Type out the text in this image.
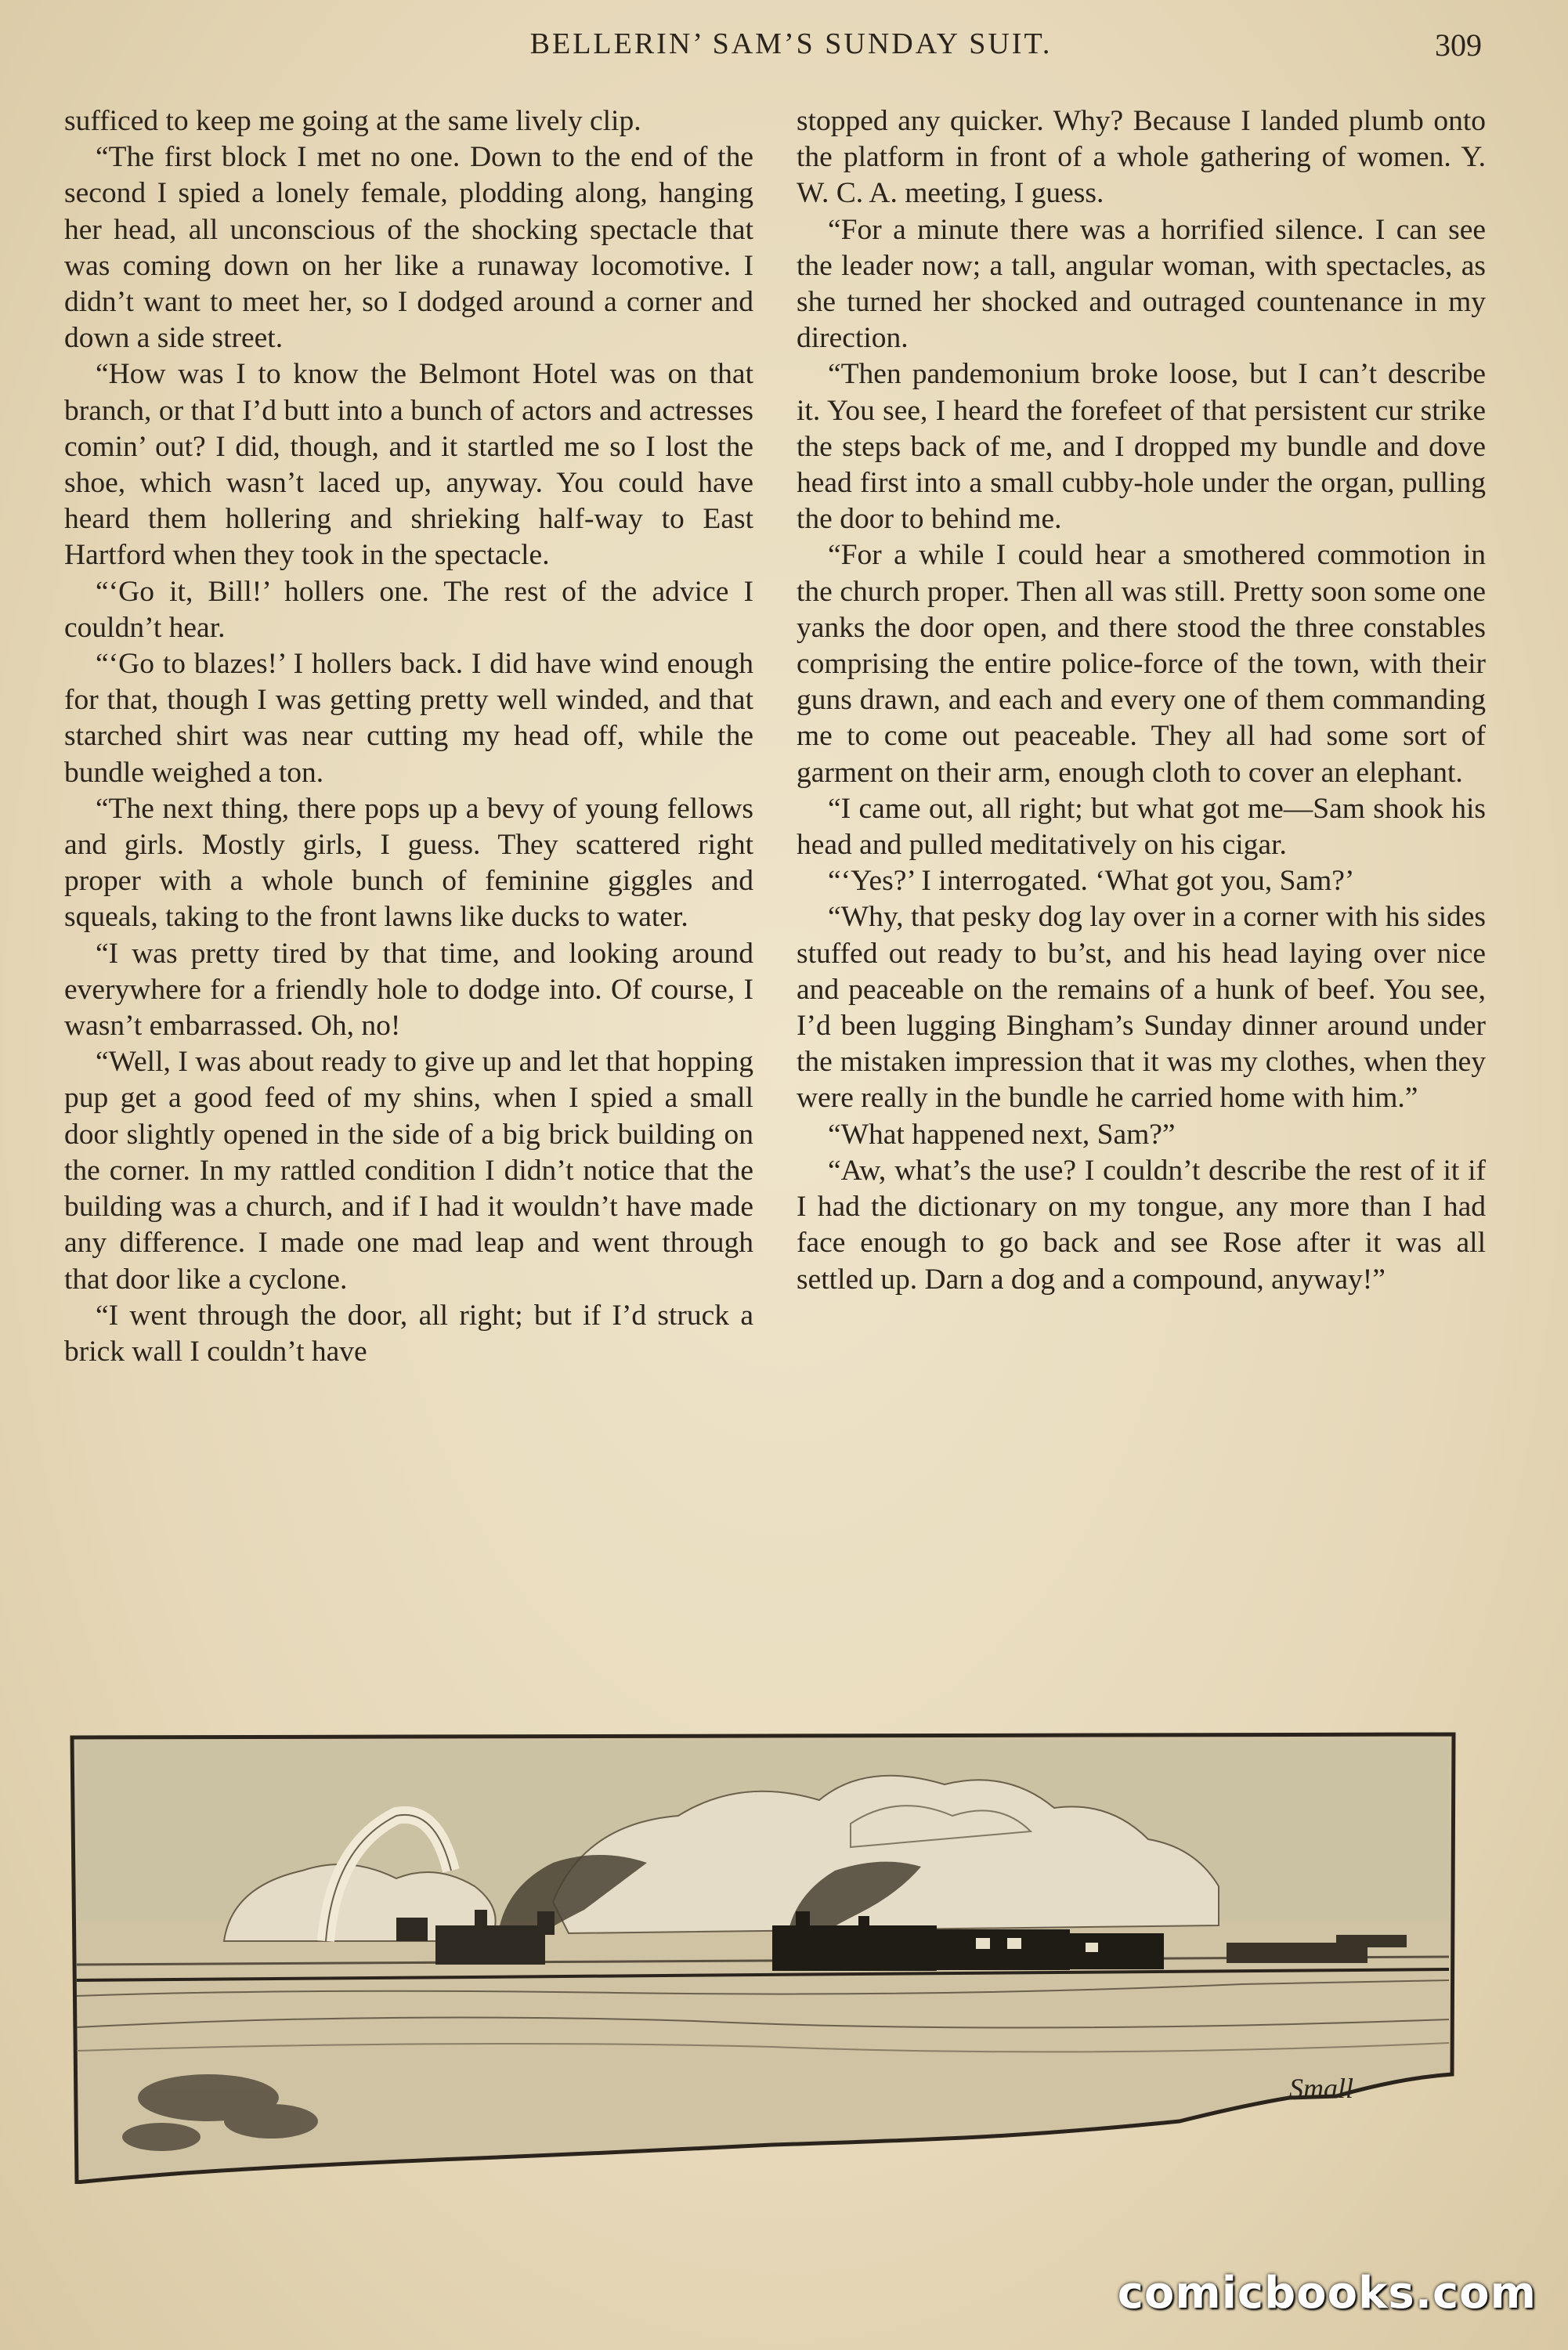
BELLERIN’ SAM’S SUNDAY SUIT.	309

sufficed to keep me going at the same lively clip.

“The first block I met no one. Down to the end of the second I spied a lonely female, plodding along, hanging her head, all unconscious of the shocking spectacle that was coming down on her like a runaway locomotive. I didn’t want to meet her, so I dodged around a corner and down a side street.

“How was I to know the Belmont Hotel was on that branch, or that I’d butt into a bunch of actors and actresses comin’ out? I did, though, and it startled me so I lost the shoe, which wasn’t laced up, anyway. You could have heard them hollering and shrieking half-way to East Hartford when they took in the spectacle.

“‘Go it, Bill!’ hollers one. The rest of the advice I couldn’t hear.

“‘Go to blazes!’ I hollers back. I did have wind enough for that, though I was getting pretty well winded, and that starched shirt was near cutting my head off, while the bundle weighed a ton.

“The next thing, there pops up a bevy of young fellows and girls. Mostly girls, I guess. They scattered right proper with a whole bunch of feminine giggles and squeals, taking to the front lawns like ducks to water.

“I was pretty tired by that time, and looking around everywhere for a friendly hole to dodge into. Of course, I wasn’t embarrassed. Oh, no!

“Well, I was about ready to give up and let that hopping pup get a good feed of my shins, when I spied a small door slightly opened in the side of a big brick building on the corner. In my rattled condition I didn’t notice that the building was a church, and if I had it wouldn’t have made any difference. I made one mad leap and went through that door like a cyclone.

“I went through the door, all right; but if I’d struck a brick wall I couldn’t have

stopped any quicker. Why? Because I landed plumb onto the platform in front of a whole gathering of women. Y. W. C. A. meeting, I guess.

“For a minute there was a horrified silence. I can see the leader now; a tall, angular woman, with spectacles, as she turned her shocked and outraged countenance in my direction.

“Then pandemonium broke loose, but I can’t describe it. You see, I heard the forefeet of that persistent cur strike the steps back of me, and I dropped my bundle and dove head first into a small cubby-hole under the organ, pulling the door to behind me.

“For a while I could hear a smothered commotion in the church proper. Then all was still. Pretty soon some one yanks the door open, and there stood the three constables comprising the entire police-force of the town, with their guns drawn, and each and every one of them commanding me to come out peaceable. They all had some sort of garment on their arm, enough cloth to cover an elephant.

“I came out, all right; but what got me—Sam shook his head and pulled meditatively on his cigar.

“‘Yes?’ I interrogated. ‘What got you, Sam?’

“Why, that pesky dog lay over in a corner with his sides stuffed out ready to bu’st, and his head laying over nice and peaceable on the remains of a hunk of beef. You see, I’d been lugging Bingham’s Sunday dinner around under the mistaken impression that it was my clothes, when they were really in the bundle he carried home with him.”

“What happened next, Sam?”

“Aw, what’s the use? I couldn’t describe the rest of it if I had the dictionary on my tongue, any more than I had face enough to go back and see Rose after it was all settled up. Darn a dog and a compound, anyway!”

Small
comicbooks.com
